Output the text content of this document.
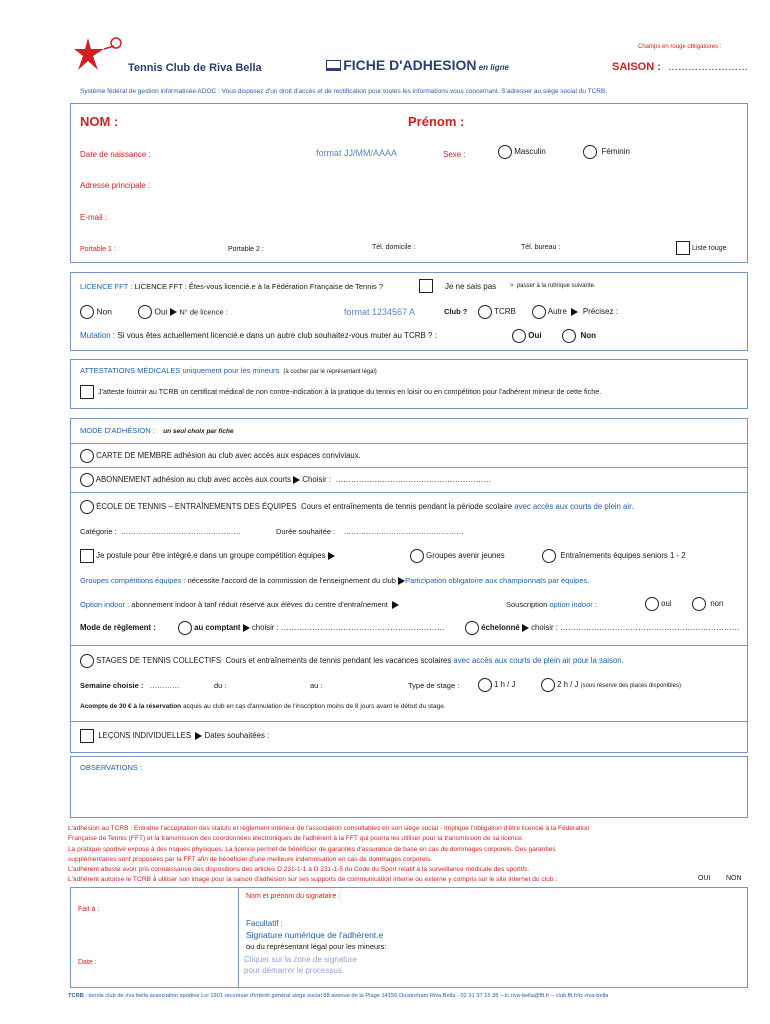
Champs en rouge obligatoires :
Tennis Club de Riva Bella	FICHE D'ADHESION en ligne	SAISON : ……………………
Système fédéral de gestion informatisée ADOC : Vous disposez d'un droit d'accès et de rectification pour toutes les informations vous concernant. S'adresser au siège social du TCRB.
NOM :	Prénom :
Date de naissance :	format JJ/MM/AAAA	Sexe :	Masculin	Féminin
Adresse principale :
E-mail :
Portable 1 :	Portable 2 :	Tél. domicile :	Tél. bureau :	Liste rouge
LICENCE FFT : LICENCE FFT : Êtes-vous licencié.e à la Fédération Française de Tennis ?	Je ne sais pas >  passer à la rubrique suivante.
Non	Oui N° de licence :	format 1234567 A	Club ?	TCRB	Autre Précisez :
Mutation : Si vous êtes actuellement licencié.e dans un autre club souhaitez-vous muter au TCRB ? :	Oui	Non
ATTESTATIONS MÉDICALES uniquement pour les mineurs (à cocher par le représentant légal)
J'atteste fournir au TCRB un certificat médical de non contre-indication à la pratique du tennis en loisir ou en compétition pour l'adhérent mineur de cette fiche.
MODE D'ADHÉSION : un seul choix par fiche
CARTE DE MEMBRE adhésion au club avec accès aux espaces conviviaux.
ABONNEMENT adhésion au club avec accès aux courts Choisir : ……………………………………………………
ÉCOLE DE TENNIS – ENTRAÎNEMENTS DES ÉQUIPES Cours et entraînements de tennis pendant la période scolaire avec accès aux courts de plein air.
Catégorie : …………………………………………	Durée souhaitée : …………………………………………
Je postule pour être intégré.e dans un groupe compétition équipes	Groupes avenir jeunes	Entraînements équipes seniors 1 - 2
Groupes compétitions équipes : nécessite l'accord de la commission de l'enseignement du club Participation obligatoire aux championnats par équipes.
Option indoor : abonnement indoor à tarif réduit réservé aux élèves du centre d'entraînement	Souscription option indoor :	oui	non
Mode de règlement :	au comptant choisir : ………………………………………………………	échelonné choisir : ……………………………………………………………
STAGES DE TENNIS COLLECTIFS Cours et entraînements de tennis pendant les vacances scolaires avec accès aux courts de plein air pour la saison.
Semaine choisie : …………	du :	au :	Type de stage :	1 h / J	2 h / J (sous réserve des places disponibles)
Acompte de 30 € à la réservation acquis au club en cas d'annulation de l'inscription moins de 8 jours avant le début du stage.
LEÇONS INDIVIDUELLES Dates souhaitées :
OBSERVATIONS :
L'adhésion au TCRB : Entraîne l'acceptation des statuts et règlement intérieur de l'association consultables en son siège social - Implique l'obligation d'être licencié à la Fédération
Française de Tennis (FFT) et la transmission des coordonnées électroniques de l'adhérent à la FFT qui pourra les utiliser pour la transmission de sa licence.
La pratique sportive expose à des risques physiques. La licence permet de bénéficier de garanties d'assurance de base en cas de dommages corporels. Des garanties
supplémentaires sont proposées par la FFT afin de bénéficier d'une meilleure indemnisation en cas de dommages corporels.
L'adhérent atteste avoir pris connaissance des dispositions des articles D 231-1-1 à D 231-1-5 du Code du Sport relatif à la surveillance médicale des sportifs.
L'adhérent autorise le TCRB à utiliser son image pour la saison d'adhésion sur ses supports de communication interne ou externe y compris sur le site internet du club :	OUI NON
Fait à :
Date :
Nom et prénom du signataire :
Facultatif :
Signature numérique de l'adhérent.e
ou du représentant légal pour les mineurs:
Cliquer sur la zone de signature
pour démarrer le processus.
TCRB : tennis club de riva bella association sportive Loi 1901 reconnue d'intérêt général siège social 88 avenue de la Plage 14150 Ouistreham Riva Bella - 02 31 97 15 38 – tc.riva-bella@fft.fr – club.fft.fr/tc-riva-bella
